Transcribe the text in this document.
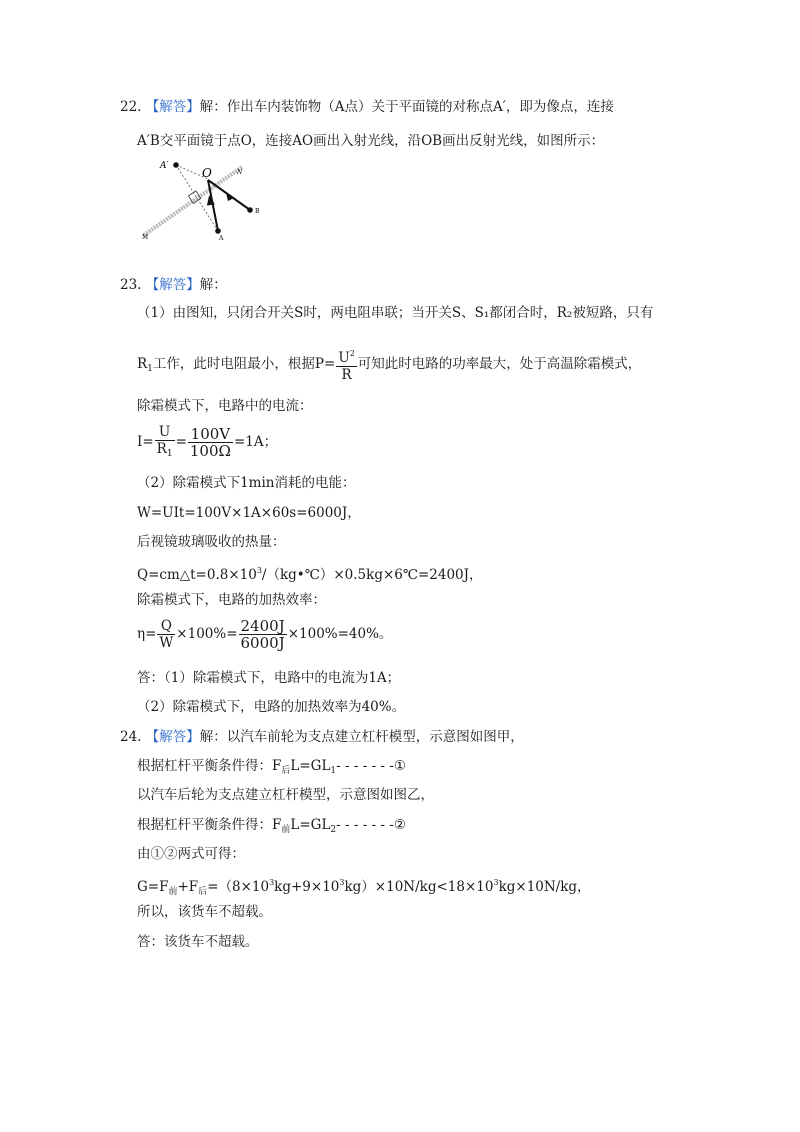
22. 【解答】解：作出车内装饰物（A点）关于平面镜的对称点A′，即为像点，连接
A′B交平面镜于点O，连接AO画出入射光线，沿OB画出反射光线，如图所示：
A′	O	N
B
M	A
23. 【解答】解：
（1）由图知，只闭合开关S时，两电阻串联；当开关S、S₁都闭合时，R₂被短路，只有
$R_1$工作，此时电阻最小，根据$P= \frac{U^2}{R}$ 可知此时电路的功率最大，处于高温除霜模式，
除霜模式下，电路中的电流：
$I= \frac{U}{R_1} = \frac{100V}{100\Omega} =1A$；
（2）除霜模式下1min消耗的电能：
W=UIt=100V×1A×60s=6000J，
后视镜玻璃吸收的热量：
$Q=cm\triangle t=0.8\times 10^3/(kg•℃)\times 0.5kg\times 6℃=2400J$，
除霜模式下，电路的加热效率：
$\eta= \frac{Q}{W} \times 100\%= \frac{2400J}{6000J} \times 100\%=40\%$。
答：（1）除霜模式下，电路中的电流为1A；
（2）除霜模式下，电路的加热效率为40%。
24. 【解答】解：以汽车前轮为支点建立杠杆模型，示意图如图甲，
根据杠杆平衡条件得：$F_后L=GL_1-$ - - - - - -①
以汽车后轮为支点建立杠杆模型，示意图如图乙，
根据杠杆平衡条件得：$F_前L=GL_2-$ - - - - - -②
由①②两式可得：
$G=F_前+F_后=(8\times 10^3kg+9\times 10^3kg)\times 10N/kg<18\times 10^3kg\times 10N/kg$，
所以，该货车不超载。
答：该货车不超载。
